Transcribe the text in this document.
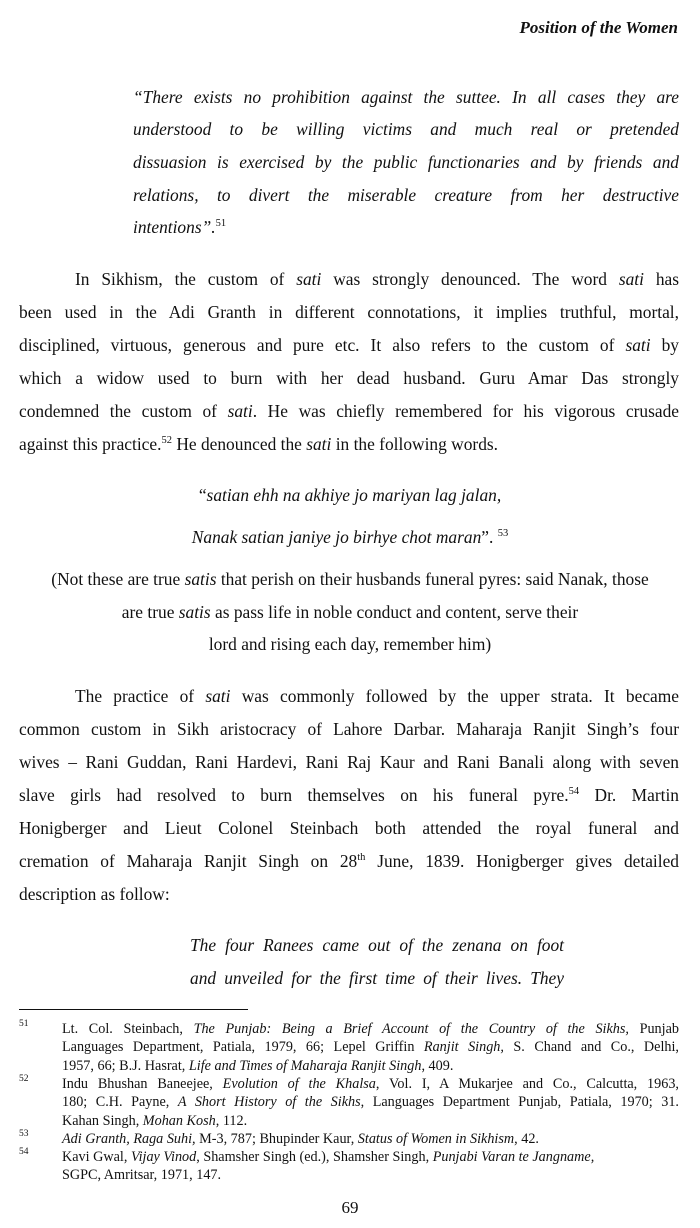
Position of the Women
“There exists no prohibition against the suttee. In all cases they are
understood to be willing victims and much real or pretended
dissuasion is exercised by the public functionaries and by friends and
relations, to divert the miserable creature from her destructive
intentions”.$^{51}$
In Sikhism, the custom of sati was strongly denounced. The word sati has
been used in the Adi Granth in different connotations, it implies truthful, mortal,
disciplined, virtuous, generous and pure etc. It also refers to the custom of sati by
which a widow used to burn with her dead husband. Guru Amar Das strongly
condemned the custom of sati. He was chiefly remembered for his vigorous crusade
against this practice.$^{52}$ He denounced the sati in the following words.
“satian ehh na akhiye jo mariyan lag jalan,
Nanak satian janiye jo birhye chot maran”. $^{53}$
(Not these are true satis that perish on their husbands funeral pyres: said Nanak, those
are true satis as pass life in noble conduct and content, serve their
lord and rising each day, remember him)
The practice of sati was commonly followed by the upper strata. It became
common custom in Sikh aristocracy of Lahore Darbar. Maharaja Ranjit Singh’s four
wives – Rani Guddan, Rani Hardevi, Rani Raj Kaur and Rani Banali along with seven
slave girls had resolved to burn themselves on his funeral pyre.$^{54}$ Dr. Martin
Honigberger and Lieut Colonel Steinbach both attended the royal funeral and
cremation of Maharaja Ranjit Singh on 28th June, 1839. Honigberger gives detailed
description as follow:
The four Ranees came out of the zenana on foot
and unveiled for the first time of their lives. They
51 Lt. Col. Steinbach, The Punjab: Being a Brief Account of the Country of the Sikhs, Punjab
Languages Department, Patiala, 1979, 66; Lepel Griffin Ranjit Singh, S. Chand and Co., Delhi,
1957, 66; B.J. Hasrat, Life and Times of Maharaja Ranjit Singh, 409.
52 Indu Bhushan Baneejee, Evolution of the Khalsa, Vol. I, A Mukarjee and Co., Calcutta, 1963,
180; C.H. Payne, A Short History of the Sikhs, Languages Department Punjab, Patiala, 1970; 31.
Kahan Singh, Mohan Kosh, 112.
53 Adi Granth, Raga Suhi, M-3, 787; Bhupinder Kaur, Status of Women in Sikhism, 42.
54 Kavi Gwal, Vijay Vinod, Shamsher Singh (ed.), Shamsher Singh, Punjabi Varan te Jangname,
SGPC, Amritsar, 1971, 147.
69
